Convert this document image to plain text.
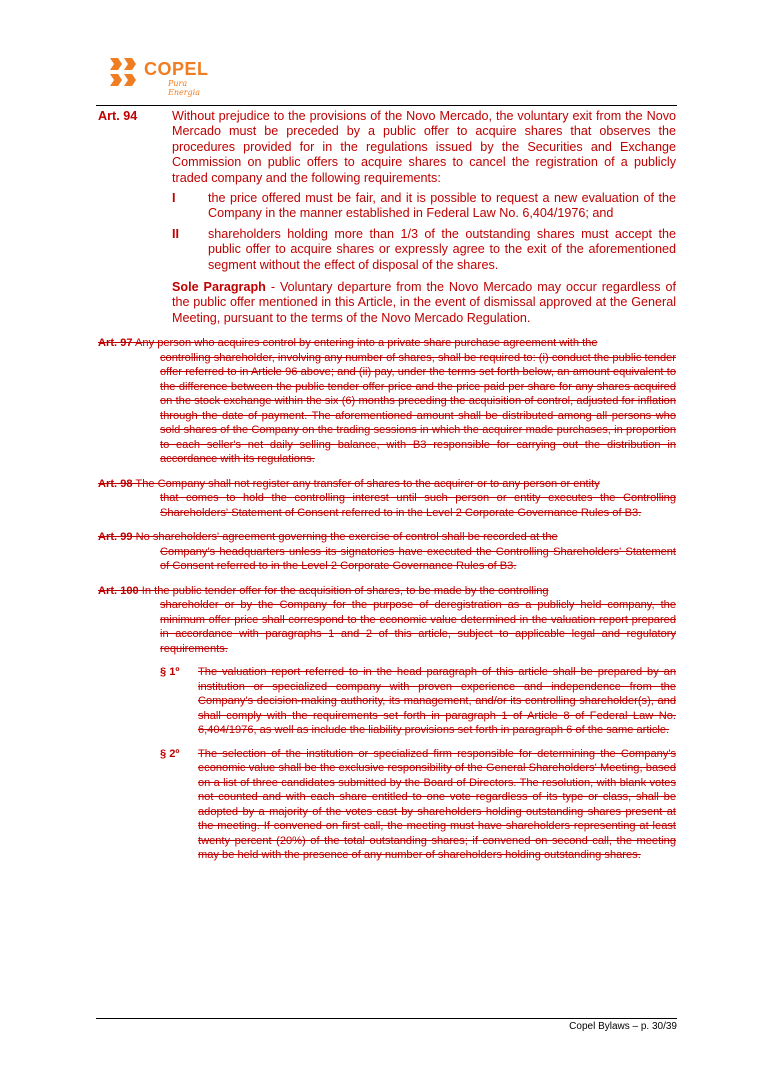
COPEL
Pura Energia
Art. 94	Without prejudice to the provisions of the Novo Mercado, the voluntary exit from the Novo Mercado must be preceded by a public offer to acquire shares that observes the procedures provided for in the regulations issued by the Securities and Exchange Commission on public offers to acquire shares to cancel the registration of a publicly traded company and the following requirements:
I	the price offered must be fair, and it is possible to request a new evaluation of the Company in the manner established in Federal Law No. 6,404/1976; and
II shareholders holding more than 1/3 of the outstanding shares must accept the public offer to acquire shares or expressly agree to the exit of the aforementioned segment without the effect of disposal of the shares.
Sole Paragraph - Voluntary departure from the Novo Mercado may occur regardless of the public offer mentioned in this Article, in the event of dismissal approved at the General Meeting, pursuant to the terms of the Novo Mercado Regulation.
Art. 97 Any person who acquires control by entering into a private share purchase agreement with the
controlling shareholder, involving any number of shares, shall be required to: (i) conduct the public tender offer referred to in Article 96 above; and (ii) pay, under the terms set forth below, an amount equivalent to the difference between the public tender offer price and the price paid per share for any shares acquired on the stock exchange within the six (6) months preceding the acquisition of control, adjusted for inflation through the date of payment. The aforementioned amount shall be distributed among all persons who sold shares of the Company on the trading sessions in which the acquirer made purchases, in proportion to each seller's net daily selling balance, with B3 responsible for carrying out the distribution in accordance with its regulations.
Art. 98 The Company shall not register any transfer of shares to the acquirer or to any person or entity
that comes to hold the controlling interest until such person or entity executes the Controlling Shareholders' Statement of Consent referred to in the Level 2 Corporate Governance Rules of B3.
Art. 99 No shareholders' agreement governing the exercise of control shall be recorded at the
Company's headquarters unless its signatories have executed the Controlling Shareholders' Statement of Consent referred to in the Level 2 Corporate Governance Rules of B3.
Art. 100 In the public tender offer for the acquisition of shares, to be made by the controlling
shareholder or by the Company for the purpose of deregistration as a publicly held company, the minimum offer price shall correspond to the economic value determined in the valuation report prepared in accordance with paragraphs 1 and 2 of this article, subject to applicable legal and regulatory requirements.
§ 1º The valuation report referred to in the head paragraph of this article shall be prepared by an institution or specialized company with proven experience and independence from the Company's decision-making authority, its management, and/or its controlling shareholder(s), and shall comply with the requirements set forth in paragraph 1 of Article 8 of Federal Law No. 6,404/1976, as well as include the liability provisions set forth in paragraph 6 of the same article.
§ 2º The selection of the institution or specialized firm responsible for determining the Company's economic value shall be the exclusive responsibility of the General Shareholders' Meeting, based on a list of three candidates submitted by the Board of Directors. The resolution, with blank votes not counted and with each share entitled to one vote regardless of its type or class, shall be adopted by a majority of the votes cast by shareholders holding outstanding shares present at the meeting. If convened on first call, the meeting must have shareholders representing at least twenty percent (20%) of the total outstanding shares; if convened on second call, the meeting may be held with the presence of any number of shareholders holding outstanding shares.
Copel Bylaws – p. 30/39
